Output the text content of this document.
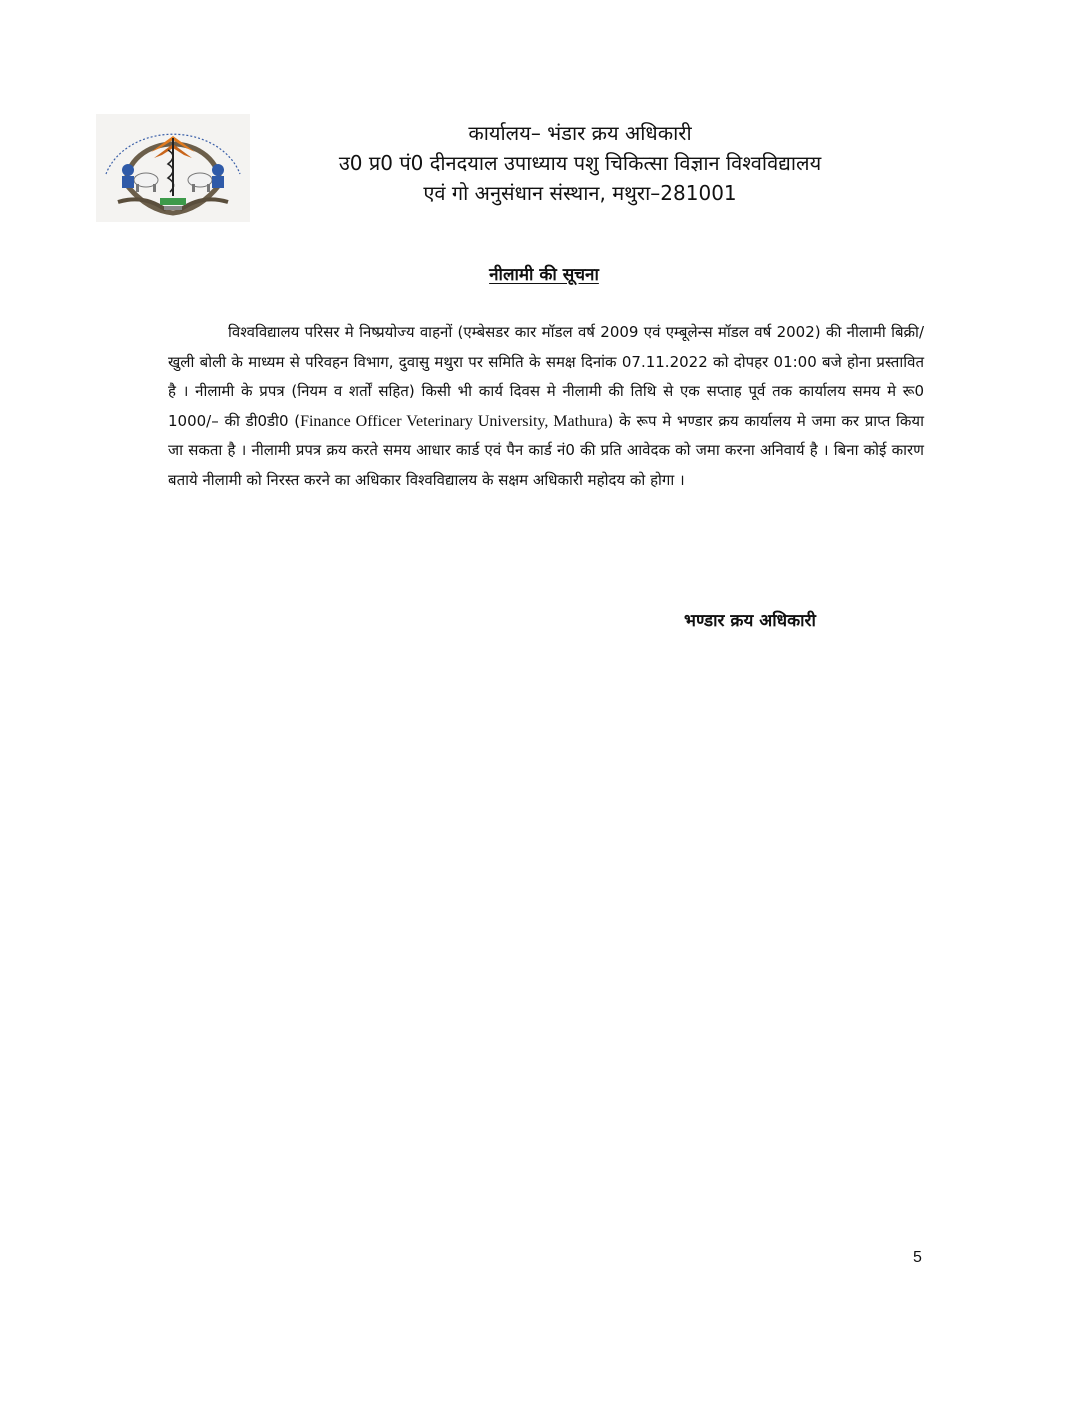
कार्यालय– भंडार क्रय अधिकारी
उ0 प्र0 पं0 दीनदयाल उपाध्याय पशु चिकित्सा विज्ञान विश्वविद्यालय
एवं गो अनुसंधान संस्थान, मथुरा–281001
नीलामी की सूचना
विश्वविद्यालय परिसर मे निष्प्रयोज्य वाहनों (एम्बेसडर कार मॉडल वर्ष 2009 एवं एम्बूलेन्स मॉडल वर्ष 2002) की नीलामी बिक्री/खुली बोली के माध्यम से परिवहन विभाग, दुवासु मथुरा पर समिति के समक्ष दिनांक 07.11.2022 को दोपहर 01:00 बजे होना प्रस्तावित है । नीलामी के प्रपत्र (नियम व शर्तों सहित) किसी भी कार्य दिवस मे नीलामी की तिथि से एक सप्ताह पूर्व तक कार्यालय समय मे रू0 1000/– की डी0डी0 (Finance Officer Veterinary University, Mathura) के रूप मे भण्डार क्रय कार्यालय मे जमा कर प्राप्त किया जा सकता है । नीलामी प्रपत्र क्रय करते समय आधार कार्ड एवं पैन कार्ड नं0 की प्रति आवेदक को जमा करना अनिवार्य है । बिना कोई कारण बताये नीलामी को निरस्त करने का अधिकार विश्वविद्यालय के सक्षम अधिकारी महोदय को होगा ।
भण्डार क्रय अधिकारी
5
